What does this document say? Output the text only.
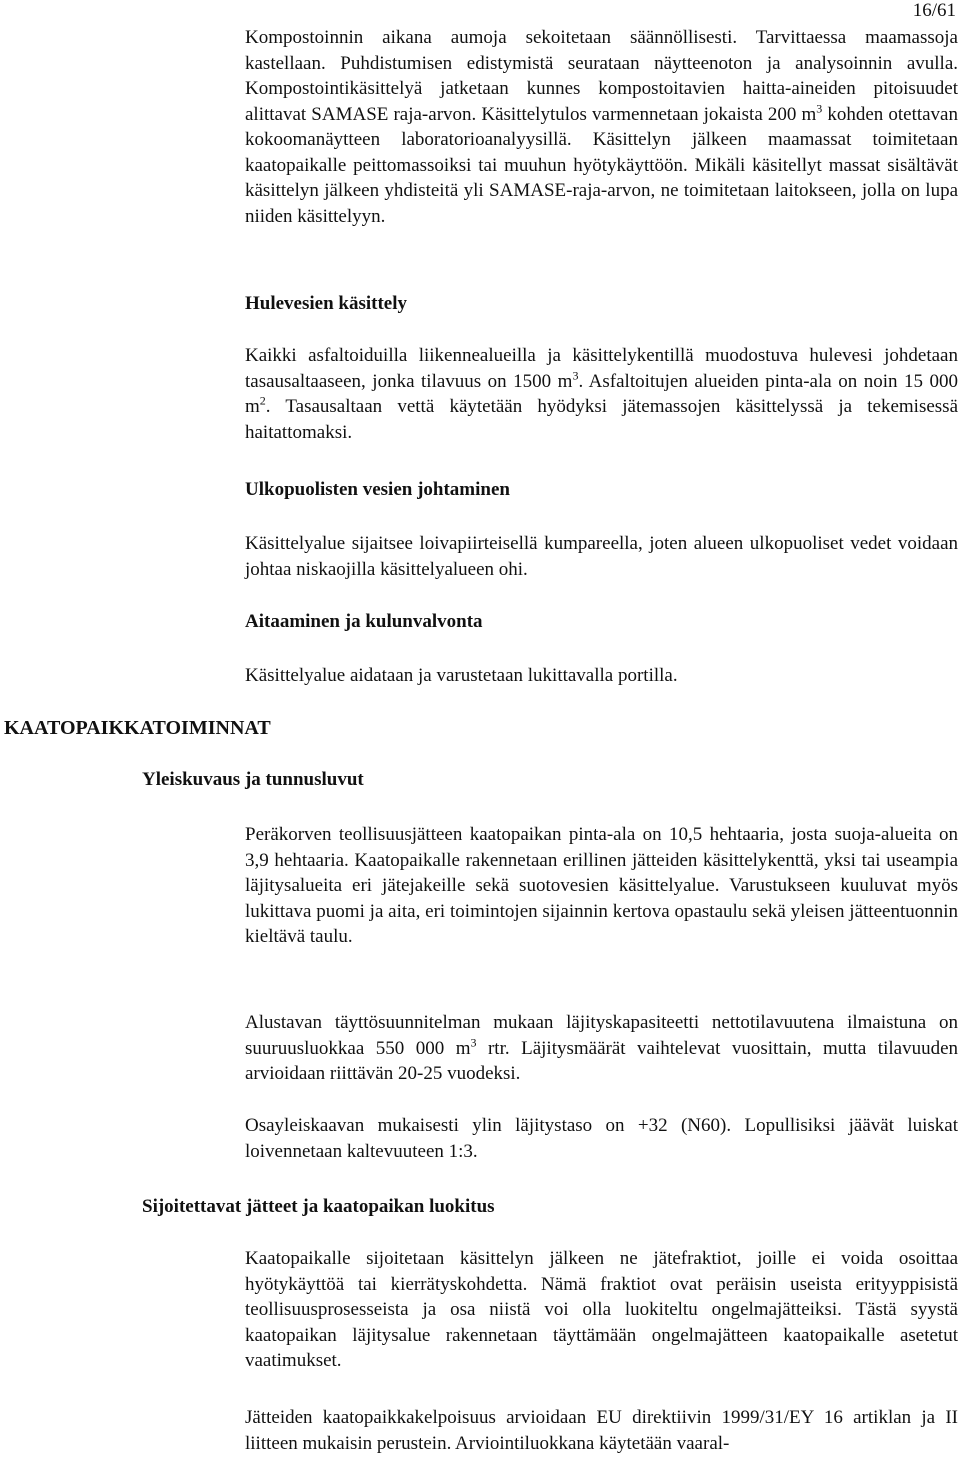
16/61

Kompostoinnin aikana aumoja sekoitetaan säännöllisesti. Tarvittaessa maamassoja kastellaan. Puhdistumisen edistymistä seurataan näytteenoton ja analysoinnin avulla. Kompostointikäsittelyä jatketaan kunnes kompostoitavien haitta-aineiden pitoisuudet alittavat SAMASE raja-arvon. Käsittelytulos varmennetaan jokaista 200 $m^3$ kohden otettavan kokoomanäytteen laboratorioanalyysillä. Käsittelyn jälkeen maamassat toimitetaan kaatopaikalle peittomassoiksi tai muuhun hyötykäyttöön. Mikäli käsitellyt massat sisältävät käsittelyn jälkeen yhdisteitä yli SAMASE-raja-arvon, ne toimitetaan laitokseen, jolla on lupa niiden käsittelyyn.

Hulevesien käsittely

Kaikki asfaltoiduilla liikennealueilla ja käsittelykentillä muodostuva hulevesi johdetaan tasausaltaaseen, jonka tilavuus on 1500 $m^3$. Asfaltoitujen alueiden pinta-ala on noin 15 000 $m^2$. Tasausaltaan vettä käytetään hyödyksi jätemassojen käsittelyssä ja tekemisessä haitattomaksi.

Ulkopuolisten vesien johtaminen

Käsittelyalue sijaitsee loivapiirteisellä kumpareella, joten alueen ulkopuoliset vedet voidaan johtaa niskaojilla käsittelyalueen ohi.

Aitaaminen ja kulunvalvonta

Käsittelyalue aidataan ja varustetaan lukittavalla portilla.

KAATOPAIKKATOIMINNAT
Yleiskuvaus ja tunnusluvut

Peräkorven teollisuusjätteen kaatopaikan pinta-ala on 10,5 hehtaaria, josta suoja-alueita on 3,9 hehtaaria. Kaatopaikalle rakennetaan erillinen jätteiden käsittelykenttä, yksi tai useampia läjitysalueita eri jätejakeille sekä suotovesien käsittelyalue. Varustukseen kuuluvat myös lukittava puomi ja aita, eri toimintojen sijainnin kertova opastaulu sekä yleisen jätteentuonnin kieltävä taulu.

Alustavan täyttösuunnitelman mukaan läjityskapasiteetti nettotilavuutena ilmaistuna on suuruusluokkaa 550 000 $m^3$ rtr. Läjitysmäärät vaihtelevat vuosittain, mutta tilavuuden arvioidaan riittävän 20-25 vuodeksi.

Osayleiskaavan mukaisesti ylin läjitystaso on +32 (N60). Lopullisiksi jäävät luiskat loivennetaan kaltevuuteen 1:3.

Sijoitettavat jätteet ja kaatopaikan luokitus

Kaatopaikalle sijoitetaan käsittelyn jälkeen ne jätefraktiot, joille ei voida osoittaa hyötykäyttöä tai kierrätyskohdetta. Nämä fraktiot ovat peräisin useista erityyppisistä teollisuusprosesseista ja osa niistä voi olla luokiteltu ongelmajätteiksi. Tästä syystä kaatopaikan läjitysalue rakennetaan täyttämään ongelmajätteen kaatopaikalle asetetut vaatimukset.

Jätteiden kaatopaikkakelpoisuus arvioidaan EU direktiivin 1999/31/EY 16 artiklan ja II liitteen mukaisin perustein. Arviointiluokkana käytetään vaaral-
